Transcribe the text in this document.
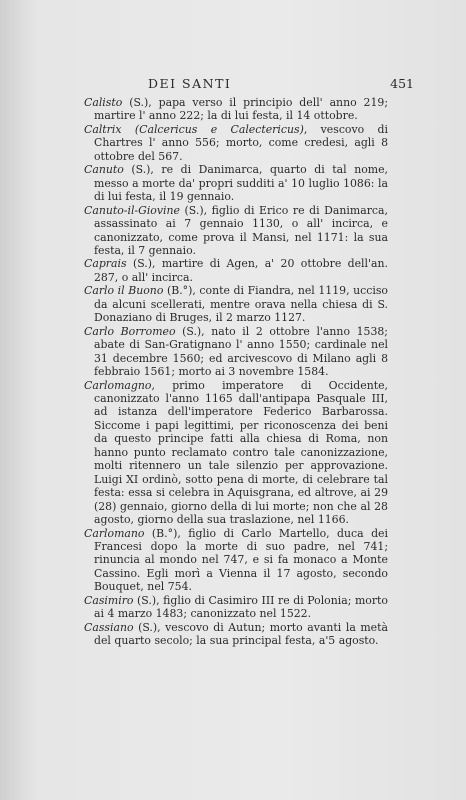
DEI SANTI	451

Calisto (S.), papa verso il principio dell' anno 219; martire l' anno 222; la di lui festa, il 14 ottobre.

Caltrix (Calcericus e Calectericus), vescovo di Chartres l' anno 556; morto, come credesi, agli 8 ottobre del 567.

Canuto (S.), re di Danimarca, quarto di tal nome, messo a morte da' propri sudditi a' 10 luglio 1086: la di lui festa, il 19 gennaio.

Canuto-il-Giovine (S.), figlio di Erico re di Danimarca, assassinato ai 7 gennaio 1130, o all' incirca, e canonizzato, come prova il Mansi, nel 1171: la sua festa, il 7 gennaio.

Caprais (S.), martire di Agen, a' 20 ottobre dell'an. 287, o all' incirca.

Carlo il Buono (B.°), conte di Fiandra, nel 1119, ucciso da alcuni scellerati, mentre orava nella chiesa di S. Donaziano di Bruges, il 2 marzo 1127.

Carlo Borromeo (S.), nato il 2 ottobre l'anno 1538; abate di San-Gratignano l' anno 1550; cardinale nel 31 decembre 1560; ed arcivescovo di Milano agli 8 febbraio 1561; morto ai 3 novembre 1584.

Carlomagno, primo imperatore di Occidente, canonizzato l'anno 1165 dall'antipapa Pasquale III, ad istanza dell'imperatore Federico Barbarossa. Siccome i papi legittimi, per riconoscenza dei beni da questo principe fatti alla chiesa di Roma, non hanno punto reclamato contro tale canonizzazione, molti ritennero un tale silenzio per approvazione. Luigi XI ordinò, sotto pena di morte, di celebrare tal festa: essa si celebra in Aquisgrana, ed altrove, ai 29 (28) gennaio, giorno della di lui morte; non che al 28 agosto, giorno della sua traslazione, nel 1166.

Carlomano (B.°), figlio di Carlo Martello, duca dei Francesi dopo la morte di suo padre, nel 741; rinuncia al mondo nel 747, e si fa monaco a Monte Cassino. Egli morì a Vienna il 17 agosto, secondo Bouquet, nel 754.

Casimiro (S.), figlio di Casimiro III re di Polonia; morto ai 4 marzo 1483; canonizzato nel 1522.

Cassiano (S.), vescovo di Autun; morto avanti la metà del quarto secolo; la sua principal festa, a'5 agosto.
